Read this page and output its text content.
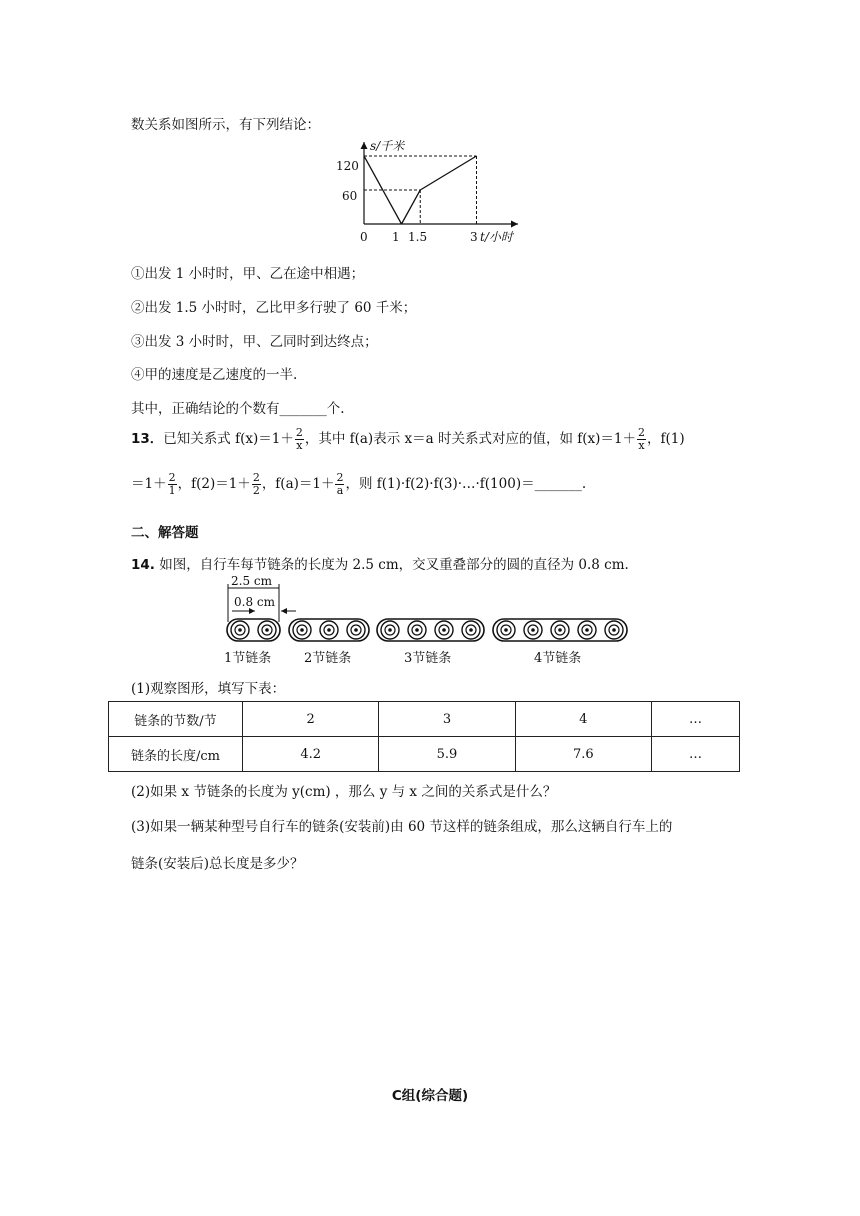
数关系如图所示，有下列结论：
s/千米
120
60
0 1 1.5	3 t/小时
①出发 1 小时时，甲、乙在途中相遇；
②出发 1.5 小时时，乙比甲多行驶了 60 千米；
③出发 3 小时时，甲、乙同时到达终点；
④甲的速度是乙速度的一半.
其中，正确结论的个数有_______个.
13．已知关系式 $f(x)=1+ \frac{2}{x}$ ，其中 f(a)表示 x＝a 时关系式对应的值，如 $f(x)=1+ \frac{2}{x}$ ，f(1)
$=1+ \frac{2}{1}$ ，$f(2)=1+ \frac{2}{2}$ ，$f(a)=1+ \frac{2}{a}$ ，则 f(1)·f(2)·f(3)·…·f(100)＝_______.
二、解答题
14. 如图，自行车每节链条的长度为 2.5 cm，交叉重叠部分的圆的直径为 0.8 cm.
2.5 cm
0.8 cm
1节链条	2节链条	3节链条	4节链条
(1)观察图形，填写下表：
链条的节数/节	2	3	4	…
链条的长度/cm	4.2	5.9	7.6	…
(2)如果 x 节链条的长度为 y(cm) ，那么 y 与 x 之间的关系式是什么？
(3)如果一辆某种型号自行车的链条(安装前)由 60 节这样的链条组成，那么这辆自行车上的
链条(安装后)总长度是多少？
C组(综合题)
